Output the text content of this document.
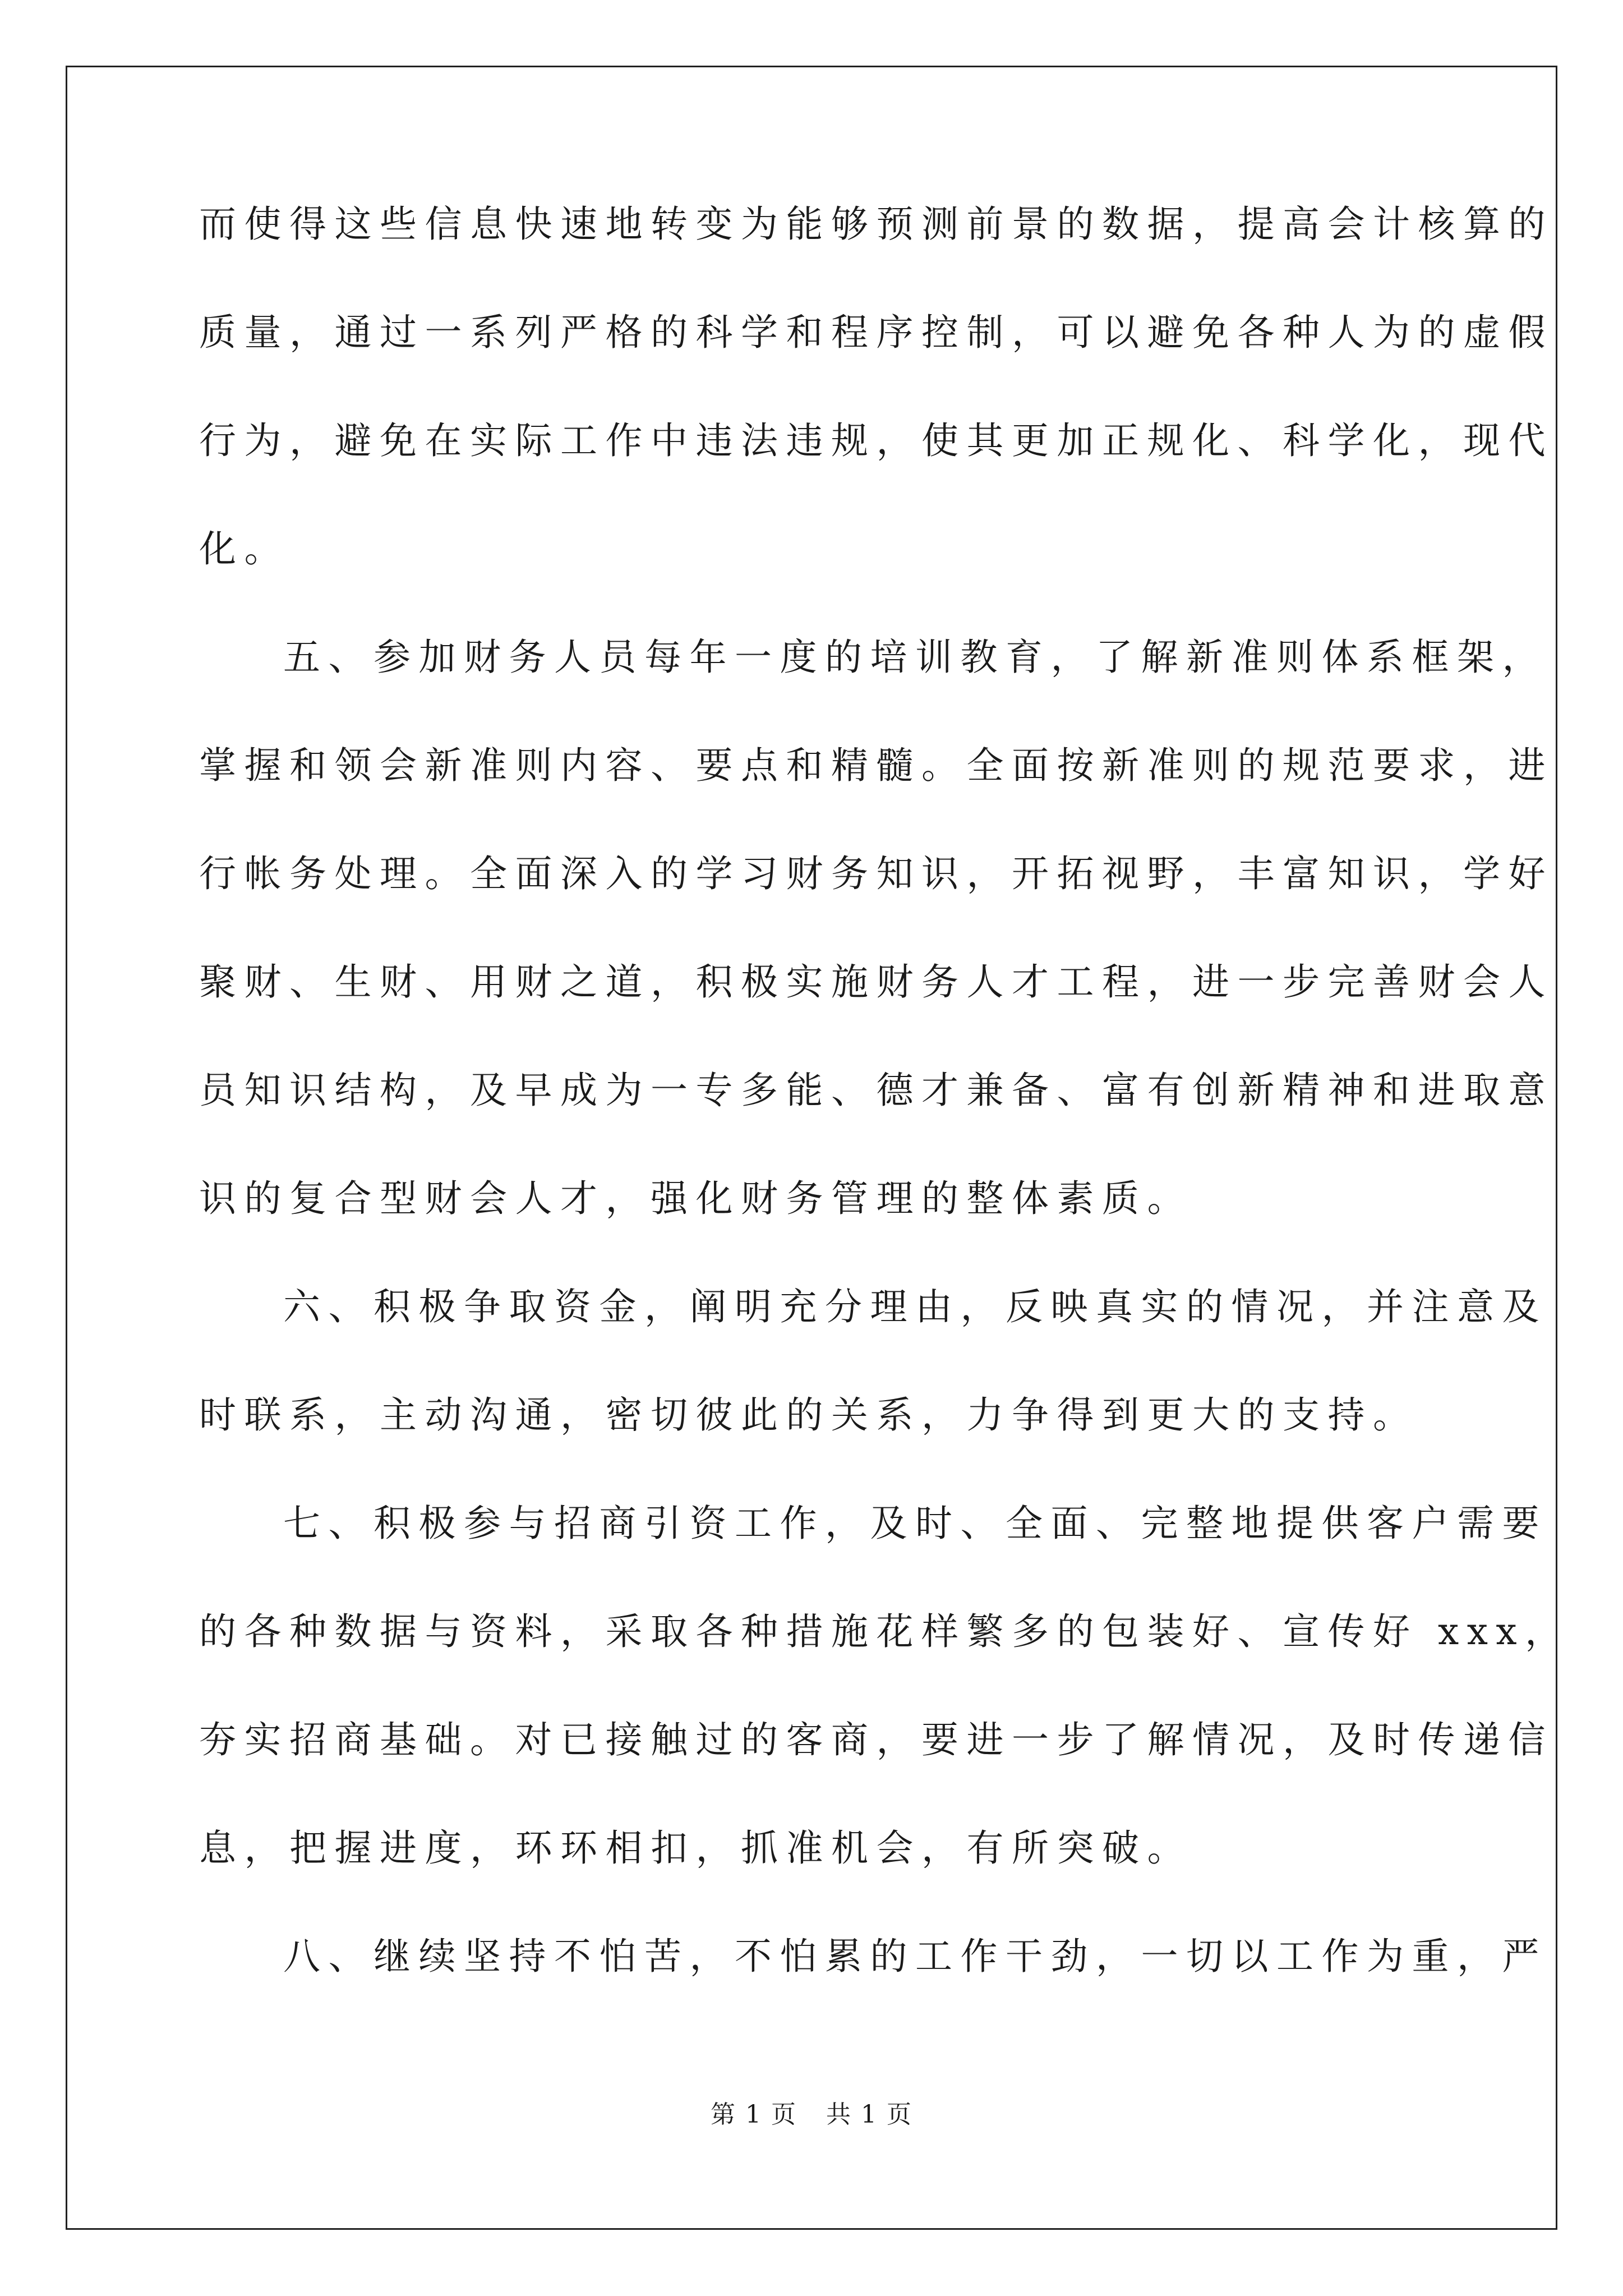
而使得这些信息快速地转变为能够预测前景的数据，提高会计核算的
质量，通过一系列严格的科学和程序控制，可以避免各种人为的虚假
行为，避免在实际工作中违法违规，使其更加正规化、科学化，现代
化。
五、参加财务人员每年一度的培训教育，了解新准则体系框架，
掌握和领会新准则内容、要点和精髓。全面按新准则的规范要求，进
行帐务处理。全面深入的学习财务知识，开拓视野，丰富知识，学好
聚财、生财、用财之道，积极实施财务人才工程，进一步完善财会人
员知识结构，及早成为一专多能、德才兼备、富有创新精神和进取意
识的复合型财会人才，强化财务管理的整体素质。
六、积极争取资金，阐明充分理由，反映真实的情况，并注意及
时联系，主动沟通，密切彼此的关系，力争得到更大的支持。
七、积极参与招商引资工作，及时、全面、完整地提供客户需要
的各种数据与资料，采取各种措施花样繁多的包装好、宣传好 xxx，
夯实招商基础。对已接触过的客商，要进一步了解情况，及时传递信
息，把握进度，环环相扣，抓准机会，有所突破。
八、继续坚持不怕苦，不怕累的工作干劲，一切以工作为重，严
第 1 页 共 1 页
